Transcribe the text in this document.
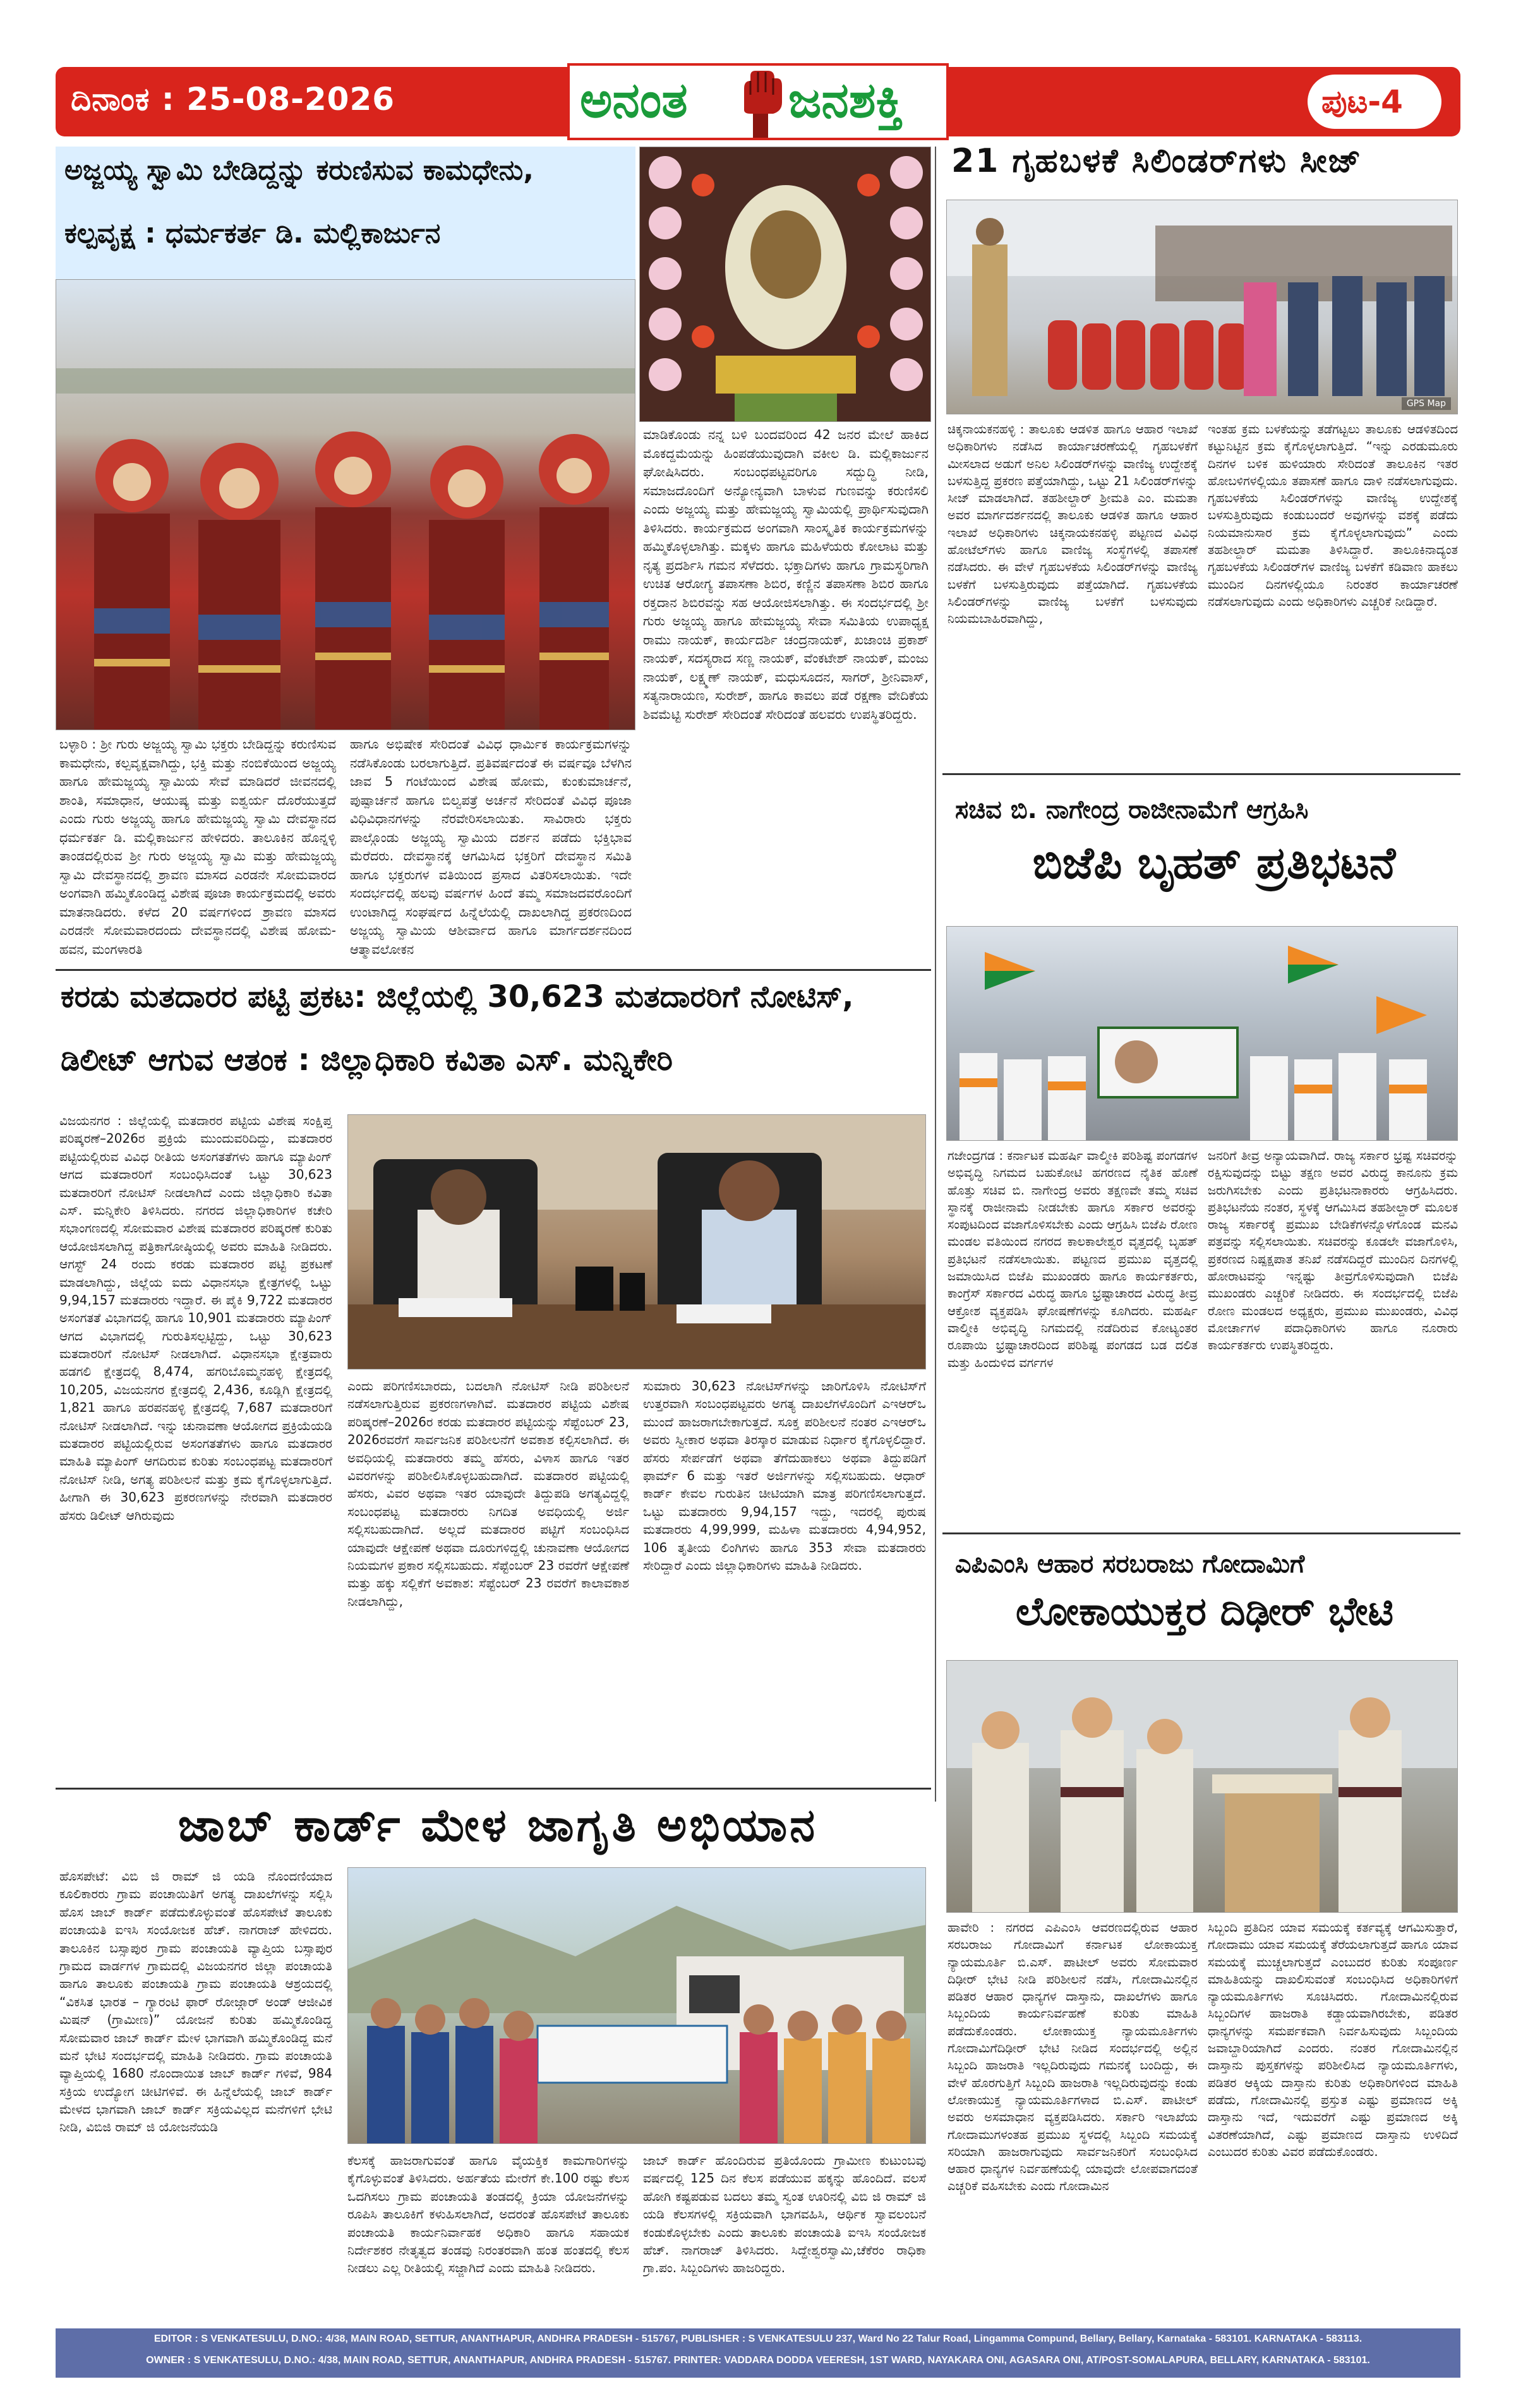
ದಿನಾಂಕ : 25-08-2026	ಅನಂತ ಜನಶಕ್ತಿ	ಪುಟ-4
ಅಜ್ಜಯ್ಯ ಸ್ವಾಮಿ ಬೇಡಿದ್ದನ್ನು ಕರುಣಿಸುವ ಕಾಮಧೇನು,
ಕಲ್ಪವೃಕ್ಷ : ಧರ್ಮಕರ್ತ ಡಿ. ಮಲ್ಲಿಕಾರ್ಜುನ
ಬಳ್ಳಾರಿ : ಶ್ರೀ ಗುರು ಅಜ್ಜಯ್ಯ ಸ್ವಾಮಿ ಭಕ್ತರು ಬೇಡಿದ್ದನ್ನು ಕರುಣಿಸುವ ಕಾಮಧೇನು, ಕಲ್ಪವೃಕ್ಷವಾಗಿದ್ದು, ಭಕ್ತಿ ಮತ್ತು ನಂಬಿಕೆಯಿಂದ ಅಜ್ಜಯ್ಯ ಹಾಗೂ ಹೇಮಜ್ಜಯ್ಯ ಸ್ವಾಮಿಯ ಸೇವೆ ಮಾಡಿದರೆ ಜೀವನದಲ್ಲಿ ಶಾಂತಿ, ಸಮಾಧಾನ, ಆಯುಷ್ಯ ಮತ್ತು ಐಶ್ವರ್ಯ ದೊರೆಯುತ್ತದೆ ಎಂದು ಗುರು ಅಜ್ಜಯ್ಯ ಹಾಗೂ ಹೇಮಜ್ಜಯ್ಯ ಸ್ವಾಮಿ ದೇವಸ್ಥಾನದ ಧರ್ಮಕರ್ತ ಡಿ. ಮಲ್ಲಿಕಾರ್ಜುನ ಹೇಳಿದರು. ತಾಲೂಕಿನ ಹೊನ್ನಳ್ಳಿ ತಾಂಡದಲ್ಲಿರುವ ಶ್ರೀ ಗುರು ಅಜ್ಜಯ್ಯ ಸ್ವಾಮಿ ಮತ್ತು ಹೇಮಜ್ಜಯ್ಯ ಸ್ವಾಮಿ ದೇವಸ್ಥಾನದಲ್ಲಿ ಶ್ರಾವಣ ಮಾಸದ ಎರಡನೇ ಸೋಮವಾರದ ಅಂಗವಾಗಿ ಹಮ್ಮಿಕೊಂಡಿದ್ದ ವಿಶೇಷ ಪೂಜಾ ಕಾರ್ಯಕ್ರಮದಲ್ಲಿ ಅವರು ಮಾತನಾಡಿದರು. ಕಳೆದ 20 ವರ್ಷಗಳಿಂದ ಶ್ರಾವಣ ಮಾಸದ ಎರಡನೇ ಸೋಮವಾರದಂದು ದೇವಸ್ಥಾನದಲ್ಲಿ ವಿಶೇಷ ಹೋಮ-ಹವನ, ಮಂಗಳಾರತಿ
ಹಾಗೂ ಅಭಿಷೇಕ ಸೇರಿದಂತೆ ವಿವಿಧ ಧಾರ್ಮಿಕ ಕಾರ್ಯಕ್ರಮಗಳನ್ನು ನಡೆಸಿಕೊಂಡು ಬರಲಾಗುತ್ತಿದೆ. ಪ್ರತಿವರ್ಷದಂತೆ ಈ ವರ್ಷವೂ ಬೆಳಗಿನ ಜಾವ 5 ಗಂಟೆಯಿಂದ ವಿಶೇಷ ಹೋಮ, ಕುಂಕುಮಾರ್ಚನೆ, ಪುಷ್ಪಾರ್ಚನೆ ಹಾಗೂ ಬಿಲ್ವಪತ್ರೆ ಅರ್ಚನೆ ಸೇರಿದಂತೆ ವಿವಿಧ ಪೂಜಾ ವಿಧಿವಿಧಾನಗಳನ್ನು ನೆರವೇರಿಸಲಾಯಿತು. ಸಾವಿರಾರು ಭಕ್ತರು ಪಾಲ್ಗೊಂಡು ಅಜ್ಜಯ್ಯ ಸ್ವಾಮಿಯ ದರ್ಶನ ಪಡೆದು ಭಕ್ತಿಭಾವ ಮೆರೆದರು. ದೇವಸ್ಥಾನಕ್ಕೆ ಆಗಮಿಸಿದ ಭಕ್ತರಿಗೆ ದೇವಸ್ಥಾನ ಸಮಿತಿ ಹಾಗೂ ಭಕ್ತರುಗಳ ವತಿಯಿಂದ ಪ್ರಸಾದ ವಿತರಿಸಲಾಯಿತು. ಇದೇ ಸಂದರ್ಭದಲ್ಲಿ ಹಲವು ವರ್ಷಗಳ ಹಿಂದೆ ತಮ್ಮ ಸಮಾಜದವರೊಂದಿಗೆ ಉಂಟಾಗಿದ್ದ ಸಂಘರ್ಷದ ಹಿನ್ನೆಲೆಯಲ್ಲಿ ದಾಖಲಾಗಿದ್ದ ಪ್ರಕರಣದಿಂದ ಅಜ್ಜಯ್ಯ ಸ್ವಾಮಿಯ ಆಶೀರ್ವಾದ ಹಾಗೂ ಮಾರ್ಗದರ್ಶನದಿಂದ ಆತ್ಮಾವಲೋಕನ
ಮಾಡಿಕೊಂಡು ನನ್ನ ಬಳಿ ಬಂದವರಿಂದ 42 ಜನರ ಮೇಲೆ ಹಾಕಿದ ಮೊಕದ್ದಮೆಯನ್ನು ಹಿಂಪಡೆಯುವುದಾಗಿ ವಕೀಲ ಡಿ. ಮಲ್ಲಿಕಾರ್ಜುನ ಘೋಷಿಸಿದರು. ಸಂಬಂಧಪಟ್ಟವರಿಗೂ ಸದ್ಬುದ್ಧಿ ನೀಡಿ, ಸಮಾಜದೊಂದಿಗೆ ಅನ್ಯೋನ್ಯವಾಗಿ ಬಾಳುವ ಗುಣವನ್ನು ಕರುಣಿಸಲಿ ಎಂದು ಅಜ್ಜಯ್ಯ ಮತ್ತು ಹೇಮಜ್ಜಯ್ಯ ಸ್ವಾಮಿಯಲ್ಲಿ ಪ್ರಾರ್ಥಿಸುವುದಾಗಿ ತಿಳಿಸಿದರು. ಕಾರ್ಯಕ್ರಮದ ಅಂಗವಾಗಿ ಸಾಂಸ್ಕೃತಿಕ ಕಾರ್ಯಕ್ರಮಗಳನ್ನು ಹಮ್ಮಿಕೊಳ್ಳಲಾಗಿತ್ತು. ಮಕ್ಕಳು ಹಾಗೂ ಮಹಿಳೆಯರು ಕೋಲಾಟ ಮತ್ತು ನೃತ್ಯ ಪ್ರದರ್ಶಿಸಿ ಗಮನ ಸೆಳೆದರು. ಭಕ್ತಾದಿಗಳು ಹಾಗೂ ಗ್ರಾಮಸ್ಥರಿಗಾಗಿ ಉಚಿತ ಆರೋಗ್ಯ ತಪಾಸಣಾ ಶಿಬಿರ, ಕಣ್ಣಿನ ತಪಾಸಣಾ ಶಿಬಿರ ಹಾಗೂ ರಕ್ತದಾನ ಶಿಬಿರವನ್ನು ಸಹ ಆಯೋಜಿಸಲಾಗಿತ್ತು. ಈ ಸಂದರ್ಭದಲ್ಲಿ ಶ್ರೀ ಗುರು ಅಜ್ಜಯ್ಯ ಹಾಗೂ ಹೇಮಜ್ಜಯ್ಯ ಸೇವಾ ಸಮಿತಿಯ ಉಪಾಧ್ಯಕ್ಷ ರಾಮು ನಾಯಕ್, ಕಾರ್ಯದರ್ಶಿ ಚಂದ್ರನಾಯಕ್, ಖಜಾಂಚಿ ಪ್ರಕಾಶ್ ನಾಯಕ್, ಸದಸ್ಯರಾದ ಸಣ್ಣ ನಾಯಕ್, ವೆಂಕಟೇಶ್ ನಾಯಕ್, ಮಂಜು ನಾಯಕ್, ಲಕ್ಷ್ಮಣ್ ನಾಯಕ್, ಮಧುಸೂದನ, ಸಾಗರ್, ಶ್ರೀನಿವಾಸ್, ಸತ್ಯನಾರಾಯಣ, ಸುರೇಶ್, ಹಾಗೂ ಕಾವಲು ಪಡೆ ರಕ್ಷಣಾ ವೇದಿಕೆಯ ಶಿವಮೆಟ್ಟಿ ಸುರೇಶ್ ಸೇರಿದಂತೆ ಸೇರಿದಂತೆ ಹಲವರು ಉಪಸ್ಥಿತರಿದ್ದರು.
21 ಗೃಹಬಳಕೆ ಸಿಲಿಂಡರ್‌ಗಳು ಸೀಜ್
GPS Map
ಚಿಕ್ಕನಾಯಕನಹಳ್ಳಿ : ತಾಲೂಕು ಆಡಳಿತ ಹಾಗೂ ಆಹಾರ ಇಲಾಖೆ ಅಧಿಕಾರಿಗಳು ನಡೆಸಿದ ಕಾರ್ಯಾಚರಣೆಯಲ್ಲಿ ಗೃಹಬಳಕೆಗೆ ಮೀಸಲಾದ ಅಡುಗೆ ಅನಿಲ ಸಿಲಿಂಡರ್‌ಗಳನ್ನು ವಾಣಿಜ್ಯ ಉದ್ದೇಶಕ್ಕೆ ಬಳಸುತ್ತಿದ್ದ ಪ್ರಕರಣ ಪತ್ತೆಯಾಗಿದ್ದು, ಒಟ್ಟು 21 ಸಿಲಿಂಡರ್‌ಗಳನ್ನು ಸೀಜ್ ಮಾಡಲಾಗಿದೆ. ತಹಶೀಲ್ದಾರ್ ಶ್ರೀಮತಿ ಎಂ. ಮಮತಾ ಅವರ ಮಾರ್ಗದರ್ಶನದಲ್ಲಿ ತಾಲೂಕು ಆಡಳಿತ ಹಾಗೂ ಆಹಾರ ಇಲಾಖೆ ಅಧಿಕಾರಿಗಳು ಚಿಕ್ಕನಾಯಕನಹಳ್ಳಿ ಪಟ್ಟಣದ ವಿವಿಧ ಹೋಟೆಲ್‌ಗಳು ಹಾಗೂ ವಾಣಿಜ್ಯ ಸಂಸ್ಥೆಗಳಲ್ಲಿ ತಪಾಸಣೆ ನಡೆಸಿದರು. ಈ ವೇಳೆ ಗೃಹಬಳಕೆಯ ಸಿಲಿಂಡರ್‌ಗಳನ್ನು ವಾಣಿಜ್ಯ ಬಳಕೆಗೆ ಬಳಸುತ್ತಿರುವುದು ಪತ್ತೆಯಾಗಿದೆ. ಗೃಹಬಳಕೆಯ ಸಿಲಿಂಡರ್‌ಗಳನ್ನು ವಾಣಿಜ್ಯ ಬಳಕೆಗೆ ಬಳಸುವುದು ನಿಯಮಬಾಹಿರವಾಗಿದ್ದು,
ಇಂತಹ ಕ್ರಮ ಬಳಕೆಯನ್ನು ತಡೆಗಟ್ಟಲು ತಾಲೂಕು ಆಡಳಿತದಿಂದ ಕಟ್ಟುನಿಟ್ಟಿನ ಕ್ರಮ ಕೈಗೊಳ್ಳಲಾಗುತ್ತಿದೆ. “ಇನ್ನು ಎರಡುಮೂರು ದಿನಗಳ ಬಳಿಕ ಹುಳಿಯಾರು ಸೇರಿದಂತೆ ತಾಲೂಕಿನ ಇತರ ಹೋಬಳಿಗಳಲ್ಲಿಯೂ ತಪಾಸಣೆ ಹಾಗೂ ದಾಳಿ ನಡೆಸಲಾಗುವುದು. ಗೃಹಬಳಕೆಯ ಸಿಲಿಂಡರ್‌ಗಳನ್ನು ವಾಣಿಜ್ಯ ಉದ್ದೇಶಕ್ಕೆ ಬಳಸುತ್ತಿರುವುದು ಕಂಡುಬಂದರೆ ಅವುಗಳನ್ನು ವಶಕ್ಕೆ ಪಡೆದು ನಿಯಮಾನುಸಾರ ಕ್ರಮ ಕೈಗೊಳ್ಳಲಾಗುವುದು” ಎಂದು ತಹಶೀಲ್ದಾರ್ ಮಮತಾ ತಿಳಿಸಿದ್ದಾರೆ. ತಾಲೂಕಿನಾದ್ಯಂತ ಗೃಹಬಳಕೆಯ ಸಿಲಿಂಡರ್‌ಗಳ ವಾಣಿಜ್ಯ ಬಳಕೆಗೆ ಕಡಿವಾಣ ಹಾಕಲು ಮುಂದಿನ ದಿನಗಳಲ್ಲಿಯೂ ನಿರಂತರ ಕಾರ್ಯಾಚರಣೆ ನಡೆಸಲಾಗುವುದು ಎಂದು ಅಧಿಕಾರಿಗಳು ಎಚ್ಚರಿಕೆ ನೀಡಿದ್ದಾರೆ.
ಸಚಿವ ಬಿ. ನಾಗೇಂದ್ರ ರಾಜೀನಾಮೆಗೆ ಆಗ್ರಹಿಸಿ
ಬಿಜೆಪಿ ಬೃಹತ್ ಪ್ರತಿಭಟನೆ
ಗಜೇಂದ್ರಗಡ : ಕರ್ನಾಟಕ ಮಹರ್ಷಿ ವಾಲ್ಮೀಕಿ ಪರಿಶಿಷ್ಟ ಪಂಗಡಗಳ ಅಭಿವೃದ್ಧಿ ನಿಗಮದ ಬಹುಕೋಟಿ ಹಗರಣದ ನೈತಿಕ ಹೊಣೆ ಹೊತ್ತು ಸಚಿವ ಬಿ. ನಾಗೇಂದ್ರ ಅವರು ತಕ್ಷಣವೇ ತಮ್ಮ ಸಚಿವ ಸ್ಥಾನಕ್ಕೆ ರಾಜೀನಾಮೆ ನೀಡಬೇಕು ಹಾಗೂ ಸರ್ಕಾರ ಅವರನ್ನು ಸಂಪುಟದಿಂದ ವಜಾಗೊಳಿಸಬೇಕು ಎಂದು ಆಗ್ರಹಿಸಿ ಬಿಜೆಪಿ ರೋಣ ಮಂಡಲ ವತಿಯಿಂದ ನಗರದ ಕಾಲಕಾಲೇಶ್ವರ ವೃತ್ತದಲ್ಲಿ ಬೃಹತ್ ಪ್ರತಿಭಟನೆ ನಡೆಸಲಾಯಿತು. ಪಟ್ಟಣದ ಪ್ರಮುಖ ವೃತ್ತದಲ್ಲಿ ಜಮಾಯಿಸಿದ ಬಿಜೆಪಿ ಮುಖಂಡರು ಹಾಗೂ ಕಾರ್ಯಕರ್ತರು, ಕಾಂಗ್ರೆಸ್ ಸರ್ಕಾರದ ವಿರುದ್ಧ ಹಾಗೂ ಭ್ರಷ್ಟಾಚಾರದ ವಿರುದ್ಧ ತೀವ್ರ ಆಕ್ರೋಶ ವ್ಯಕ್ತಪಡಿಸಿ ಘೋಷಣೆಗಳನ್ನು ಕೂಗಿದರು. ಮಹರ್ಷಿ ವಾಲ್ಮೀಕಿ ಅಭಿವೃದ್ಧಿ ನಿಗಮದಲ್ಲಿ ನಡೆದಿರುವ ಕೋಟ್ಯಂತರ ರೂಪಾಯಿ ಭ್ರಷ್ಟಾಚಾರದಿಂದ ಪರಿಶಿಷ್ಟ ಪಂಗಡದ ಬಡ ದಲಿತ ಮತ್ತು ಹಿಂದುಳಿದ ವರ್ಗಗಳ
ಜನರಿಗೆ ತೀವ್ರ ಅನ್ಯಾಯವಾಗಿದೆ. ರಾಜ್ಯ ಸರ್ಕಾರ ಭ್ರಷ್ಟ ಸಚಿವರನ್ನು ರಕ್ಷಿಸುವುದನ್ನು ಬಿಟ್ಟು ತಕ್ಷಣ ಅವರ ವಿರುದ್ಧ ಕಾನೂನು ಕ್ರಮ ಜರುಗಿಸಬೇಕು ಎಂದು ಪ್ರತಿಭಟನಾಕಾರರು ಆಗ್ರಹಿಸಿದರು. ಪ್ರತಿಭಟನೆಯ ನಂತರ, ಸ್ಥಳಕ್ಕೆ ಆಗಮಿಸಿದ ತಹಶೀಲ್ದಾರ್ ಮೂಲಕ ರಾಜ್ಯ ಸರ್ಕಾರಕ್ಕೆ ಪ್ರಮುಖ ಬೇಡಿಕೆಗಳನ್ನೊಳಗೊಂಡ ಮನವಿ ಪತ್ರವನ್ನು ಸಲ್ಲಿಸಲಾಯಿತು. ಸಚಿವರನ್ನು ಕೂಡಲೇ ವಜಾಗೊಳಿಸಿ, ಪ್ರಕರಣದ ನಿಷ್ಪಕ್ಷಪಾತ ತನಿಖೆ ನಡೆಸದಿದ್ದರೆ ಮುಂದಿನ ದಿನಗಳಲ್ಲಿ ಹೋರಾಟವನ್ನು ಇನ್ನಷ್ಟು ತೀವ್ರಗೊಳಿಸುವುದಾಗಿ ಬಿಜೆಪಿ ಮುಖಂಡರು ಎಚ್ಚರಿಕೆ ನೀಡಿದರು. ಈ ಸಂದರ್ಭದಲ್ಲಿ ಬಿಜೆಪಿ ರೋಣ ಮಂಡಲದ ಅಧ್ಯಕ್ಷರು, ಪ್ರಮುಖ ಮುಖಂಡರು, ವಿವಿಧ ಮೋರ್ಚಾಗಳ ಪದಾಧಿಕಾರಿಗಳು ಹಾಗೂ ನೂರಾರು ಕಾರ್ಯಕರ್ತರು ಉಪಸ್ಥಿತರಿದ್ದರು.
ಎಪಿಎಂಸಿ ಆಹಾರ ಸರಬರಾಜು ಗೋದಾಮಿಗೆ
ಲೋಕಾಯುಕ್ತರ ದಿಢೀರ್ ಭೇಟಿ
ಹಾವೇರಿ : ನಗರದ ಎಪಿಎಂಸಿ ಆವರಣದಲ್ಲಿರುವ ಆಹಾರ ಸರಬರಾಜು ಗೋದಾಮಿಗೆ ಕರ್ನಾಟಕ ಲೋಕಾಯುಕ್ತ ನ್ಯಾಯಮೂರ್ತಿ ಬಿ.ಎಸ್. ಪಾಟೀಲ್ ಅವರು ಸೋಮವಾರ ದಿಢೀರ್ ಭೇಟಿ ನೀಡಿ ಪರಿಶೀಲನೆ ನಡೆಸಿ, ಗೋದಾಮಿನಲ್ಲಿನ ಪಡಿತರ ಆಹಾರ ಧಾನ್ಯಗಳ ದಾಸ್ತಾನು, ದಾಖಲೆಗಳು ಹಾಗೂ ಸಿಬ್ಬಂದಿಯ ಕಾರ್ಯನಿರ್ವಹಣೆ ಕುರಿತು ಮಾಹಿತಿ ಪಡೆದುಕೊಂಡರು. ಲೋಕಾಯುಕ್ತ ನ್ಯಾಯಮೂರ್ತಿಗಳು ಗೋದಾಮಿಗೆದಿಢೀರ್ ಭೇಟಿ ನೀಡಿದ ಸಂದರ್ಭದಲ್ಲಿ ಅಲ್ಲಿನ ಸಿಬ್ಬಂದಿ ಹಾಜರಾತಿ ಇಲ್ಲದಿರುವುದು ಗಮನಕ್ಕೆ ಬಂದಿದ್ದು, ಈ ವೇಳೆ ಹೊರಗುತ್ತಿಗೆ ಸಿಬ್ಬಂದಿ ಹಾಜರಾತಿ ಇಲ್ಲದಿರುವುದನ್ನು ಕಂಡು ಲೋಕಾಯುಕ್ತ ನ್ಯಾಯಮೂರ್ತಿಗಳಾದ ಬಿ.ಎಸ್. ಪಾಟೀಲ್ ಅವರು ಅಸಮಾಧಾನ ವ್ಯಕ್ತಪಡಿಸಿದರು. ಸರ್ಕಾರಿ ಇಲಾಖೆಯ ಗೋದಾಮುಗಳಂತಹ ಪ್ರಮುಖ ಸ್ಥಳದಲ್ಲಿ ಸಿಬ್ಬಂದಿ ಸಮಯಕ್ಕೆ ಸರಿಯಾಗಿ ಹಾಜರಾಗುವುದು ಸಾರ್ವಜನಿಕರಿಗೆ ಸಂಬಂಧಿಸಿದ ಆಹಾರ ಧಾನ್ಯಗಳ ನಿರ್ವಹಣೆಯಲ್ಲಿ ಯಾವುದೇ ಲೋಪವಾಗದಂತೆ ಎಚ್ಚರಿಕೆ ವಹಿಸಬೇಕು ಎಂದು ಗೋದಾಮಿನ
ಸಿಬ್ಬಂದಿ ಪ್ರತಿದಿನ ಯಾವ ಸಮಯಕ್ಕೆ ಕರ್ತವ್ಯಕ್ಕೆ ಆಗಮಿಸುತ್ತಾರೆ, ಗೋದಾಮು ಯಾವ ಸಮಯಕ್ಕೆ ತೆರೆಯಲಾಗುತ್ತದೆ ಹಾಗೂ ಯಾವ ಸಮಯಕ್ಕೆ ಮುಚ್ಚಲಾಗುತ್ತದೆ ಎಂಬುದರ ಕುರಿತು ಸಂಪೂರ್ಣ ಮಾಹಿತಿಯನ್ನು ದಾಖಲಿಸುವಂತೆ ಸಂಬಂಧಿಸಿದ ಅಧಿಕಾರಿಗಳಿಗೆ ನ್ಯಾಯಮೂರ್ತಿಗಳು ಸೂಚಿಸಿದರು. ಗೋದಾಮಿನಲ್ಲಿರುವ ಸಿಬ್ಬಂದಿಗಳ ಹಾಜರಾತಿ ಕಡ್ಡಾಯವಾಗಿರಬೇಕು, ಪಡಿತರ ಧಾನ್ಯಗಳನ್ನು ಸಮರ್ಪಕವಾಗಿ ನಿರ್ವಹಿಸುವುದು ಸಿಬ್ಬಂದಿಯ ಜವಾಬ್ದಾರಿಯಾಗಿದೆ ಎಂದರು. ನಂತರ ಗೋದಾಮಿನಲ್ಲಿನ ದಾಸ್ತಾನು ಪುಸ್ತಕಗಳನ್ನು ಪರಿಶೀಲಿಸಿದ ನ್ಯಾಯಮೂರ್ತಿಗಳು, ಪಡಿತರ ಆಕ್ಕಿಯ ದಾಸ್ತಾನು ಕುರಿತು ಅಧಿಕಾರಿಗಳಿಂದ ಮಾಹಿತಿ ಪಡೆದು, ಗೋದಾಮಿನಲ್ಲಿ ಪ್ರಸ್ತುತ ಎಷ್ಟು ಪ್ರಮಾಣದ ಅಕ್ಕಿ ದಾಸ್ತಾನು ಇದೆ, ಇದುವರೆಗೆ ಎಷ್ಟು ಪ್ರಮಾಣದ ಅಕ್ಕಿ ವಿತರಣೆಯಾಗಿದೆ, ಎಷ್ಟು ಪ್ರಮಾಣದ ದಾಸ್ತಾನು ಉಳಿದಿದೆ ಎಂಬುದರ ಕುರಿತು ವಿವರ ಪಡೆದುಕೊಂಡರು.
ಕರಡು ಮತದಾರರ ಪಟ್ಟಿ ಪ್ರಕಟ: ಜಿಲ್ಲೆಯಲ್ಲಿ 30,623 ಮತದಾರರಿಗೆ ನೋಟಿಸ್,
ಡಿಲೀಟ್ ಆಗುವ ಆತಂಕ : ಜಿಲ್ಲಾಧಿಕಾರಿ ಕವಿತಾ ಎಸ್. ಮನ್ನಿಕೇರಿ
ವಿಜಯನಗರ : ಜಿಲ್ಲೆಯಲ್ಲಿ ಮತದಾರರ ಪಟ್ಟಿಯ ವಿಶೇಷ ಸಂಕ್ಷಿಪ್ತ ಪರಿಷ್ಕರಣೆ–2026ರ ಪ್ರಕ್ರಿಯೆ ಮುಂದುವರಿದಿದ್ದು, ಮತದಾರರ ಪಟ್ಟಿಯಲ್ಲಿರುವ ವಿವಿಧ ರೀತಿಯ ಅಸಂಗತತೆಗಳು ಹಾಗೂ ಮ್ಯಾಪಿಂಗ್ ಆಗದ ಮತದಾರರಿಗೆ ಸಂಬಂಧಿಸಿದಂತೆ ಒಟ್ಟು 30,623 ಮತದಾರರಿಗೆ ನೋಟಿಸ್ ನೀಡಲಾಗಿದೆ ಎಂದು ಜಿಲ್ಲಾಧಿಕಾರಿ ಕವಿತಾ ಎಸ್. ಮನ್ನಿಕೇರಿ ತಿಳಿಸಿದರು. ನಗರದ ಜಿಲ್ಲಾಧಿಕಾರಿಗಳ ಕಚೇರಿ ಸಭಾಂಗಣದಲ್ಲಿ ಸೋಮವಾರ ವಿಶೇಷ ಮತದಾರರ ಪರಿಷ್ಕರಣೆ ಕುರಿತು ಆಯೋಜಿಸಲಾಗಿದ್ದ ಪತ್ರಿಕಾಗೋಷ್ಠಿಯಲ್ಲಿ ಅವರು ಮಾಹಿತಿ ನೀಡಿದರು. ಆಗಸ್ಟ್ 24 ರಂದು ಕರಡು ಮತದಾರರ ಪಟ್ಟಿ ಪ್ರಕಟಣೆ ಮಾಡಲಾಗಿದ್ದು, ಜಿಲ್ಲೆಯ ಐದು ವಿಧಾನಸಭಾ ಕ್ಷೇತ್ರಗಳಲ್ಲಿ ಒಟ್ಟು 9,94,157 ಮತದಾರರು ಇದ್ದಾರೆ. ಈ ಪೈಕಿ 9,722 ಮತದಾರರ ಅಸಂಗತತೆ ವಿಭಾಗದಲ್ಲಿ ಹಾಗೂ 10,901 ಮತದಾರರು ಮ್ಯಾಪಿಂಗ್ ಆಗದ ವಿಭಾಗದಲ್ಲಿ ಗುರುತಿಸಲ್ಪಟ್ಟಿದ್ದು, ಒಟ್ಟು 30,623 ಮತದಾರರಿಗೆ ನೋಟಿಸ್ ನೀಡಲಾಗಿದೆ. ವಿಧಾನಸಭಾ ಕ್ಷೇತ್ರವಾರು ಹಡಗಲಿ ಕ್ಷೇತ್ರದಲ್ಲಿ 8,474, ಹಗರಿಬೊಮ್ಮನಹಳ್ಳಿ ಕ್ಷೇತ್ರದಲ್ಲಿ 10,205, ವಿಜಯನಗರ ಕ್ಷೇತ್ರದಲ್ಲಿ 2,436, ಕೂಡ್ಲಿಗಿ ಕ್ಷೇತ್ರದಲ್ಲಿ 1,821 ಹಾಗೂ ಹರಪನಹಳ್ಳಿ ಕ್ಷೇತ್ರದಲ್ಲಿ 7,687 ಮತದಾರರಿಗೆ ನೋಟಿಸ್ ನೀಡಲಾಗಿದೆ. ಇನ್ನು ಚುನಾವಣಾ ಆಯೋಗದ ಪ್ರಕ್ರಿಯೆಯಡಿ ಮತದಾರರ ಪಟ್ಟಿಯಲ್ಲಿರುವ ಅಸಂಗತತೆಗಳು ಹಾಗೂ ಮತದಾರರ ಮಾಹಿತಿ ಮ್ಯಾಪಿಂಗ್ ಆಗದಿರುವ ಕುರಿತು ಸಂಬಂಧಪಟ್ಟ ಮತದಾರರಿಗೆ ನೋಟಿಸ್ ನೀಡಿ, ಅಗತ್ಯ ಪರಿಶೀಲನೆ ಮತ್ತು ಕ್ರಮ ಕೈಗೊಳ್ಳಲಾಗುತ್ತಿದೆ. ಹೀಗಾಗಿ ಈ 30,623 ಪ್ರಕರಣಗಳನ್ನು ನೇರವಾಗಿ ಮತದಾರರ ಹೆಸರು ಡಿಲೀಟ್ ಆಗಿರುವುದು
ಎಂದು ಪರಿಗಣಿಸಬಾರದು, ಬದಲಾಗಿ ನೋಟಿಸ್ ನೀಡಿ ಪರಿಶೀಲನೆ ನಡೆಸಲಾಗುತ್ತಿರುವ ಪ್ರಕರಣಗಳಾಗಿವೆ. ಮತದಾರರ ಪಟ್ಟಿಯ ವಿಶೇಷ ಪರಿಷ್ಕರಣೆ–2026ರ ಕರಡು ಮತದಾರರ ಪಟ್ಟಿಯನ್ನು ಸೆಪ್ಟೆಂಬರ್ 23, 2026ರವರೆಗೆ ಸಾರ್ವಜನಿಕ ಪರಿಶೀಲನೆಗೆ ಅವಕಾಶ ಕಲ್ಪಿಸಲಾಗಿದೆ. ಈ ಅವಧಿಯಲ್ಲಿ ಮತದಾರರು ತಮ್ಮ ಹೆಸರು, ವಿಳಾಸ ಹಾಗೂ ಇತರ ವಿವರಗಳನ್ನು ಪರಿಶೀಲಿಸಿಕೊಳ್ಳಬಹುದಾಗಿದೆ. ಮತದಾರರ ಪಟ್ಟಿಯಲ್ಲಿ ಹೆಸರು, ವಿವರ ಅಥವಾ ಇತರ ಯಾವುದೇ ತಿದ್ದುಪಡಿ ಅಗತ್ಯವಿದ್ದಲ್ಲಿ ಸಂಬಂಧಪಟ್ಟ ಮತದಾರರು ನಿಗದಿತ ಅವಧಿಯಲ್ಲಿ ಅರ್ಜಿ ಸಲ್ಲಿಸಬಹುದಾಗಿದೆ. ಅಲ್ಲದೆ ಮತದಾರರ ಪಟ್ಟಿಗೆ ಸಂಬಂಧಿಸಿದ ಯಾವುದೇ ಆಕ್ಷೇಪಣೆ ಅಥವಾ ದೂರುಗಳಿದ್ದಲ್ಲಿ ಚುನಾವಣಾ ಆಯೋಗದ ನಿಯಮಗಳ ಪ್ರಕಾರ ಸಲ್ಲಿಸಬಹುದು. ಸೆಪ್ಟೆಂಬರ್ 23 ರವರೆಗೆ ಆಕ್ಷೇಪಣೆ ಮತ್ತು ಹಕ್ಕು ಸಲ್ಲಿಕೆಗೆ ಅವಕಾಶ: ಸೆಪ್ಟೆಂಬರ್ 23 ರವರೆಗೆ ಕಾಲಾವಕಾಶ ನೀಡಲಾಗಿದ್ದು,
ಸುಮಾರು 30,623 ನೋಟಿಸ್‌ಗಳನ್ನು ಜಾರಿಗೊಳಿಸಿ ನೋಟಿಸ್‌ಗೆ ಉತ್ತರವಾಗಿ ಸಂಬಂಧಪಟ್ಟವರು ಅಗತ್ಯ ದಾಖಲೆಗಳೊಂದಿಗೆ ಎಇಆರ್‌ಒ ಮುಂದೆ ಹಾಜರಾಗಬೇಕಾಗುತ್ತದೆ. ಸೂಕ್ತ ಪರಿಶೀಲನೆ ನಂತರ ಎಇಆರ್‌ಒ ಅವರು ಸ್ವೀಕಾರ ಅಥವಾ ತಿರಸ್ಕಾರ ಮಾಡುವ ನಿರ್ಧಾರ ಕೈಗೊಳ್ಳಲಿದ್ದಾರೆ. ಹೆಸರು ಸೇರ್ಪಡೆಗೆ ಅಥವಾ ತೆಗೆದುಹಾಕಲು ಅಥವಾ ತಿದ್ದುಪಡಿಗೆ ಫಾರ್ಮ್ 6 ಮತ್ತು ಇತರೆ ಅರ್ಜಿಗಳನ್ನು ಸಲ್ಲಿಸಬಹುದು. ಆಧಾರ್ ಕಾರ್ಡ್ ಕೇವಲ ಗುರುತಿನ ಚೀಟಿಯಾಗಿ ಮಾತ್ರ ಪರಿಗಣಿಸಲಾಗುತ್ತದೆ. ಒಟ್ಟು ಮತದಾರರು 9,94,157 ಇದ್ದು, ಇದರಲ್ಲಿ ಪುರುಷ ಮತದಾರರು 4,99,999, ಮಹಿಳಾ ಮತದಾರರು 4,94,952, 106 ತೃತೀಯ ಲಿಂಗಿಗಳು ಹಾಗೂ 353 ಸೇವಾ ಮತದಾರರು ಸೇರಿದ್ದಾರೆ ಎಂದು ಜಿಲ್ಲಾಧಿಕಾರಿಗಳು ಮಾಹಿತಿ ನೀಡಿದರು.
ಜಾಬ್ ಕಾರ್ಡ್ ಮೇಳ ಜಾಗೃತಿ ಅಭಿಯಾನ
ಹೊಸಪೇಟೆ: ವಿಬಿ ಜಿ ರಾಮ್ ಜಿ ಯಡಿ ನೊಂದಣಿಯಾದ ಕೂಲಿಕಾರರು ಗ್ರಾಮ ಪಂಚಾಯಿತಿಗೆ ಅಗತ್ಯ ದಾಖಲೆಗಳನ್ನು ಸಲ್ಲಿಸಿ ಹೊಸ ಜಾಬ್ ಕಾರ್ಡ್ ಪಡೆದುಕೊಳ್ಳುವಂತೆ ಹೊಸಪೇಟೆ ತಾಲೂಕು ಪಂಚಾಯತಿ ಐಇಸಿ ಸಂಯೋಜಕ ಹೆಚ್. ನಾಗರಾಜ್ ಹೇಳಿದರು. ತಾಲೂಕಿನ ಬಸ್ಸಾಪುರ ಗ್ರಾಮ ಪಂಚಾಯತಿ ವ್ಯಾಪ್ತಿಯ ಬಸ್ಸಾಪುರ ಗ್ರಾಮದ ವಾರ್ಡಗಳ ಗ್ರಾಮದಲ್ಲಿ ವಿಜಯನಗರ ಜಿಲ್ಲಾ ಪಂಚಾಯತಿ ಹಾಗೂ ತಾಲೂಕು ಪಂಚಾಯತಿ ಗ್ರಾಮ ಪಂಚಾಯತಿ ಆಶ್ರಯದಲ್ಲಿ “ವಿಕಸಿತ ಭಾರತ – ಗ್ಯಾರಂಟಿ ಫಾರ್ ರೋಜ್ಗಾರ್ ಅಂಡ್ ಆಜೀವಿಕ ಮಿಷನ್ (ಗ್ರಾಮೀಣ)” ಯೋಜನೆ ಕುರಿತು ಹಮ್ಮಿಕೊಂಡಿದ್ದ ಸೋಮವಾರ ಜಾಬ್ ಕಾರ್ಡ್ ಮೇಳ ಭಾಗವಾಗಿ ಹಮ್ಮಿಕೊಂಡಿದ್ದ ಮನೆ ಮನೆ ಭೇಟಿ ಸಂದರ್ಭದಲ್ಲಿ ಮಾಹಿತಿ ನೀಡಿದರು. ಗ್ರಾಮ ಪಂಚಾಯತಿ ವ್ಯಾಪ್ತಿಯಲ್ಲಿ 1680 ನೊಂದಾಯಿತ ಜಾಬ್ ಕಾರ್ಡ್ ಗಳಿವೆ, 984 ಸಕ್ರಿಯ ಉದ್ಯೋಗ ಚೀಟಿಗಳಿವೆ. ಈ ಹಿನ್ನೆಲೆಯಲ್ಲಿ ಜಾಬ್ ಕಾರ್ಡ್ ಮೇಳದ ಭಾಗವಾಗಿ ಜಾಬ್ ಕಾರ್ಡ್ ಸಕ್ರಿಯವಿಲ್ಲದ ಮನೆಗಳಿಗೆ ಭೇಟಿ ನೀಡಿ, ವಿಬಿಜಿ ರಾಮ್ ಜಿ ಯೋಜನೆಯಡಿ
ಕೆಲಸಕ್ಕೆ ಹಾಜರಾಗುವಂತೆ ಹಾಗೂ ವೈಯಕ್ತಿಕ ಕಾಮಗಾರಿಗಳನ್ನು ಕೈಗೊಳ್ಳುವಂತೆ ತಿಳಿಸಿದರು. ಅರ್ಹತೆಯ ಮೇರೆಗೆ ಕೇ.100 ರಷ್ಟು ಕೆಲಸ ಒದಗಿಸಲು ಗ್ರಾಮ ಪಂಚಾಯತಿ ತಂಡದಲ್ಲಿ ಕ್ರಿಯಾ ಯೋಜನೆಗಳನ್ನು ರೂಪಿಸಿ ತಾಲೂಕಿಗೆ ಕಳುಹಿಸಲಾಗಿದೆ, ಅದರಂತೆ ಹೊಸಪೇಟೆ ತಾಲೂಕು ಪಂಚಾಯತಿ ಕಾರ್ಯನಿರ್ವಾಹಕ ಅಧಿಕಾರಿ ಹಾಗೂ ಸಹಾಯಕ ನಿರ್ದೇಶಕರ ನೇತೃತ್ವದ ತಂಡವು ನಿರಂತರವಾಗಿ ಹಂತ ಹಂತದಲ್ಲಿ ಕೆಲಸ ನೀಡಲು ಎಲ್ಲ ರೀತಿಯಲ್ಲಿ ಸಜ್ಜಾಗಿದೆ ಎಂದು ಮಾಹಿತಿ ನೀಡಿದರು.
ಜಾಬ್ ಕಾರ್ಡ್ ಹೊಂದಿರುವ ಪ್ರತಿಯೊಂದು ಗ್ರಾಮೀಣ ಕುಟುಂಬವು ವರ್ಷದಲ್ಲಿ 125 ದಿನ ಕೆಲಸ ಪಡೆಯುವ ಹಕ್ಕನ್ನು ಹೊಂದಿದೆ. ವಲಸೆ ಹೋಗಿ ಕಷ್ಟಪಡುವ ಬದಲು ತಮ್ಮ ಸ್ವಂತ ಊರಿನಲ್ಲಿ ವಿಬಿ ಜಿ ರಾಮ್ ಜಿ ಯಡಿ ಕೆಲಸಗಳಲ್ಲಿ ಸಕ್ರಿಯವಾಗಿ ಭಾಗವಹಿಸಿ, ಆರ್ಥಿಕ ಸ್ವಾವಲಂಬನೆ ಕಂಡುಕೊಳ್ಳಬೇಕು ಎಂದು ತಾಲೂಕು ಪಂಚಾಯತಿ ಐಇಸಿ ಸಂಯೋಜಕ ಹೆಚ್. ನಾಗರಾಜ್ ತಿಳಿಸಿದರು. ಸಿದ್ದೇಶ್ವರಸ್ವಾಮಿ,ಚೆಕೆರಂ ರಾಧಿಕಾ ಗ್ರಾ.ಪಂ. ಸಿಬ್ಬಂದಿಗಳು ಹಾಜರಿದ್ದರು.
EDITOR : S VENKATESULU, D.NO.: 4/38, MAIN ROAD, SETTUR, ANANTHAPUR, ANDHRA PRADESH - 515767, PUBLISHER : S VENKATESULU 237, Ward No 22 Talur Road, Lingamma Compund, Bellary, Bellary, Karnataka - 583101. KARNATAKA - 583113.
OWNER : S VENKATESULU, D.NO.: 4/38, MAIN ROAD, SETTUR, ANANTHAPUR, ANDHRA PRADESH - 515767. PRINTER: VADDARA DODDA VEERESH, 1ST WARD, NAYAKARA ONI, AGASARA ONI, AT/POST-SOMALAPURA, BELLARY, KARNATAKA - 583101.
